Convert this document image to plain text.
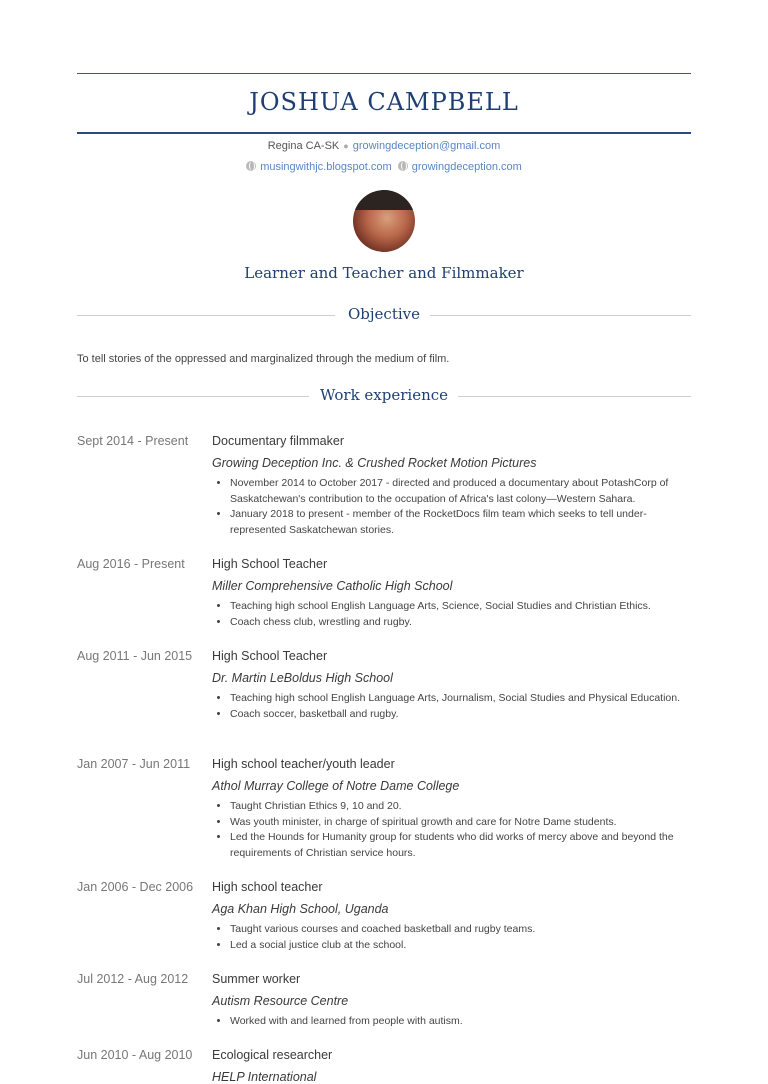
JOSHUA CAMPBELL
Regina CA-SK ● growingdeception@gmail.com
musingwithjc.blogspot.com growingdeception.com
Learner and Teacher and Filmmaker
Objective
To tell stories of the oppressed and marginalized through the medium of film.
Work experience
Sept 2014 - Present Documentary filmmaker
Growing Deception Inc. & Crushed Rocket Motion Pictures
• November 2014 to October 2017 - directed and produced a documentary about PotashCorp of Saskatchewan's contribution to the occupation of Africa's last colony—Western Sahara.
• January 2018 to present - member of the RocketDocs film team which seeks to tell under-represented Saskatchewan stories.
Aug 2016 - Present High School Teacher
Miller Comprehensive Catholic High School
• Teaching high school English Language Arts, Science, Social Studies and Christian Ethics.
• Coach chess club, wrestling and rugby.
Aug 2011 - Jun 2015 High School Teacher
Dr. Martin LeBoldus High School
• Teaching high school English Language Arts, Journalism, Social Studies and Physical Education.
• Coach soccer, basketball and rugby.
Jan 2007 - Jun 2011 High school teacher/youth leader
Athol Murray College of Notre Dame College
• Taught Christian Ethics 9, 10 and 20.
• Was youth minister, in charge of spiritual growth and care for Notre Dame students.
• Led the Hounds for Humanity group for students who did works of mercy above and beyond the requirements of Christian service hours.
Jan 2006 - Dec 2006 High school teacher
Aga Khan High School, Uganda
• Taught various courses and coached basketball and rugby teams.
• Led a social justice club at the school.
Jul 2012 - Aug 2012 Summer worker
Autism Resource Centre
• Worked with and learned from people with autism.
Jun 2010 - Aug 2010 Ecological researcher
HELP International
